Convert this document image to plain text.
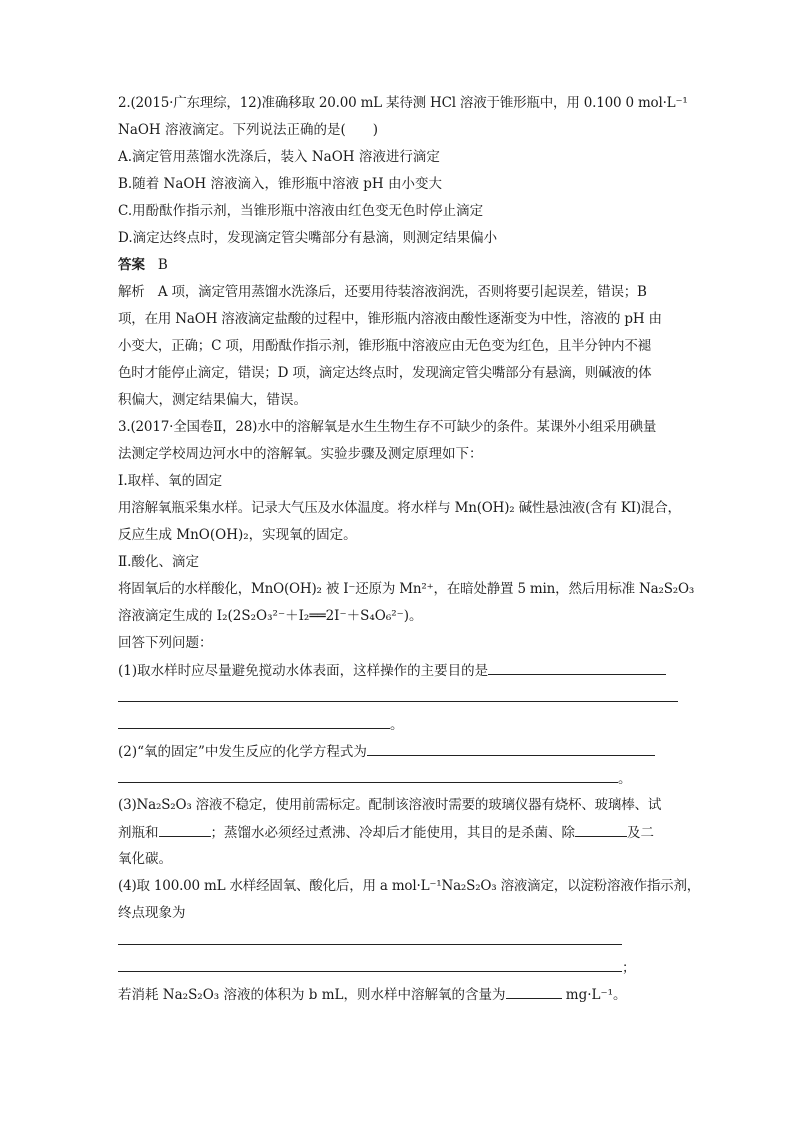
2.(2015·广东理综，12)准确移取 20.00 mL 某待测 HCl 溶液于锥形瓶中，用 0.100 0 mol·L⁻¹
NaOH 溶液滴定。下列说法正确的是(　　)
A.滴定管用蒸馏水洗涤后，装入 NaOH 溶液进行滴定
B.随着 NaOH 溶液滴入，锥形瓶中溶液 pH 由小变大
C.用酚酞作指示剂，当锥形瓶中溶液由红色变无色时停止滴定
D.滴定达终点时，发现滴定管尖嘴部分有悬滴，则测定结果偏小
答案 B
解析　A 项，滴定管用蒸馏水洗涤后，还要用待装溶液润洗，否则将要引起误差，错误；B
项，在用 NaOH 溶液滴定盐酸的过程中，锥形瓶内溶液由酸性逐渐变为中性，溶液的 pH 由
小变大，正确；C 项，用酚酞作指示剂，锥形瓶中溶液应由无色变为红色，且半分钟内不褪
色时才能停止滴定，错误；D 项，滴定达终点时，发现滴定管尖嘴部分有悬滴，则碱液的体
积偏大，测定结果偏大，错误。
3.(2017·全国卷Ⅱ，28)水中的溶解氧是水生生物生存不可缺少的条件。某课外小组采用碘量
法测定学校周边河水中的溶解氧。实验步骤及测定原理如下：
Ⅰ.取样、氧的固定
用溶解氧瓶采集水样。记录大气压及水体温度。将水样与 Mn(OH)₂ 碱性悬浊液(含有 KI)混合，
反应生成 MnO(OH)₂，实现氧的固定。
Ⅱ.酸化、滴定
将固氧后的水样酸化，MnO(OH)₂ 被 I⁻还原为 Mn²⁺，在暗处静置 5 min，然后用标准 Na₂S₂O₃
溶液滴定生成的 I₂(2S₂O₃²⁻＋I₂══2I⁻＋S₄O₆²⁻)。
回答下列问题：
(1)取水样时应尽量避免搅动水体表面，这样操作的主要目的是
。
(2)“氧的固定”中发生反应的化学方程式为
。
(3)Na₂S₂O₃ 溶液不稳定，使用前需标定。配制该溶液时需要的玻璃仪器有烧杯、玻璃棒、试
剂瓶和	；蒸馏水必须经过煮沸、冷却后才能使用，其目的是杀菌、除	及二
氧化碳。
(4)取 100.00 mL 水样经固氧、酸化后，用 a mol·L⁻¹Na₂S₂O₃ 溶液滴定，以淀粉溶液作指示剂，
终点现象为
；
若消耗 Na₂S₂O₃ 溶液的体积为 b mL，则水样中溶解氧的含量为	mg·L⁻¹。
